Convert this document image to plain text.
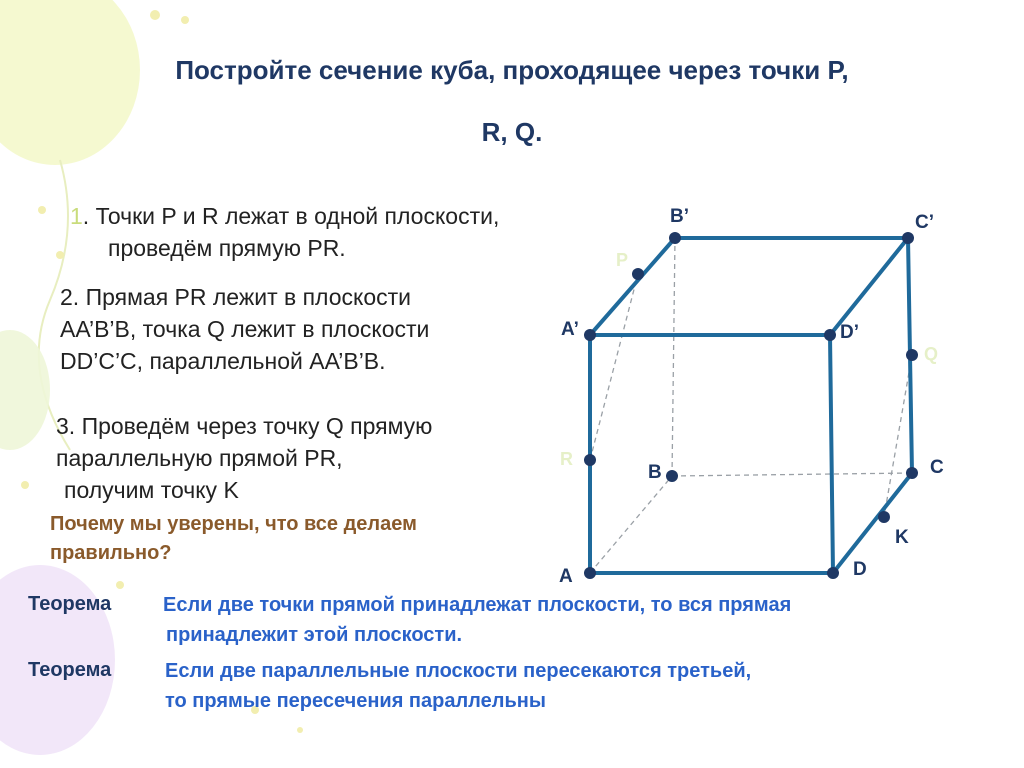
Постройте сечение куба, проходящее через точки P,
R, Q.
1. Точки P и R лежат в одной плоскости,
проведём прямую PR.
2. Прямая PR лежит в плоскости
AA’B’B, точка Q лежит в плоскости
DD’C’C, параллельной AA’B’B.
3. Проведём через точку Q прямую
параллельную прямой PR,
получим точку K
Почему мы уверены, что все делаем
правильно?
Теорема	Если две точки прямой принадлежат плоскости, то вся прямая
принадлежит этой плоскости.
Теорема	Если две параллельные плоскости пересекаются третьей,
то прямые пересечения параллельны
A	D
A’	D’
B’	C’
B	C
K
P
R
Q
